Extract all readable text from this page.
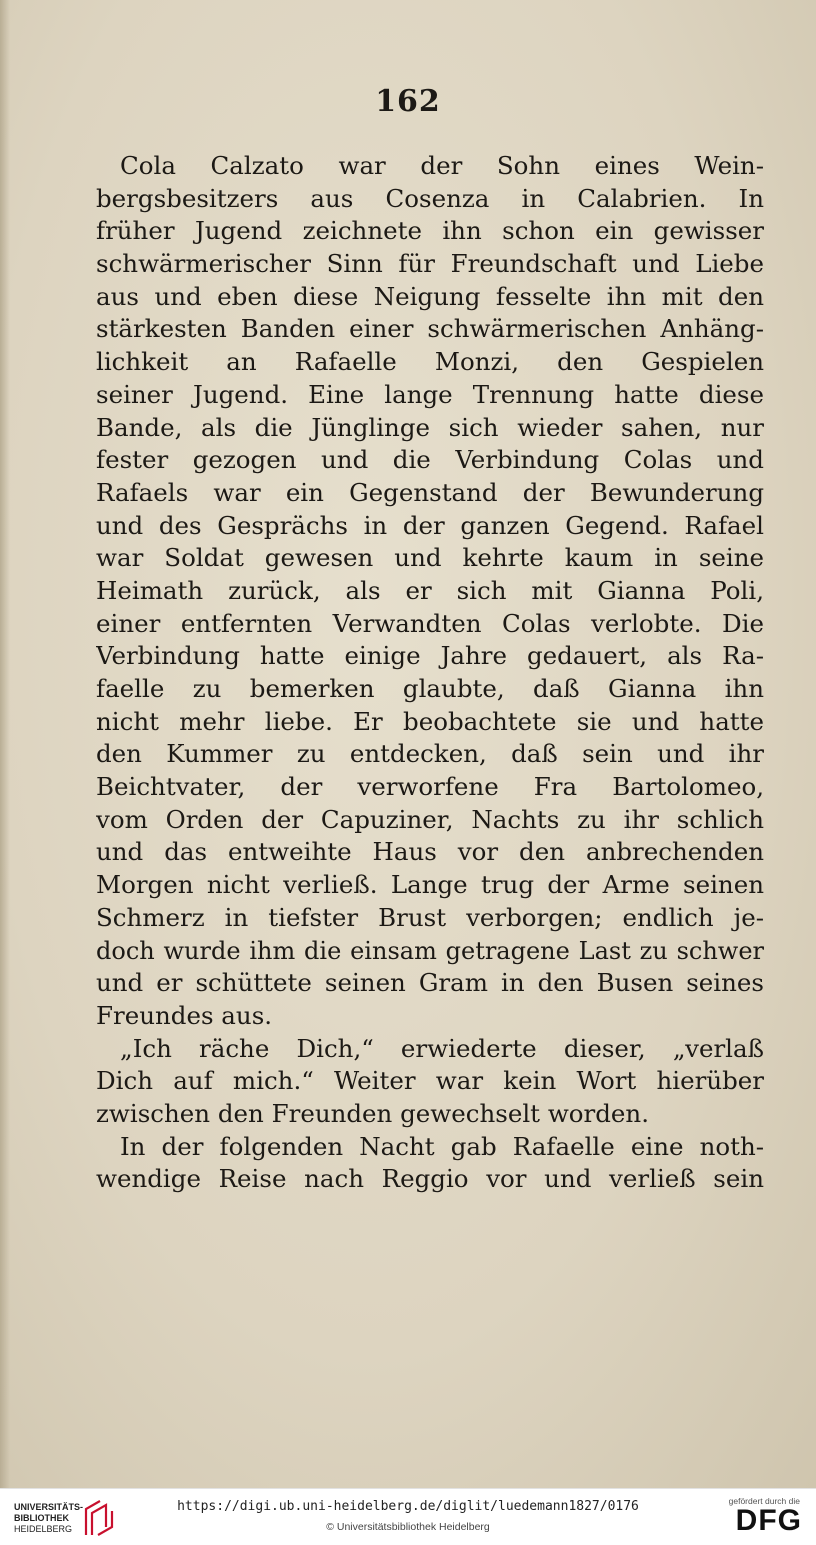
162
Cola Calzato war der Sohn eines Wein-
bergsbesitzers aus Cosenza in Calabrien. In
früher Jugend zeichnete ihn schon ein gewisser
schwärmerischer Sinn für Freundschaft und Liebe
aus und eben diese Neigung fesselte ihn mit den
stärkesten Banden einer schwärmerischen Anhäng-
lichkeit an Rafaelle Monzi, den Gespielen
seiner Jugend. Eine lange Trennung hatte diese
Bande, als die Jünglinge sich wieder sahen, nur
fester gezogen und die Verbindung Colas und
Rafaels war ein Gegenstand der Bewunderung
und des Gesprächs in der ganzen Gegend. Rafael
war Soldat gewesen und kehrte kaum in seine
Heimath zurück, als er sich mit Gianna Poli,
einer entfernten Verwandten Colas verlobte. Die
Verbindung hatte einige Jahre gedauert, als Ra-
faelle zu bemerken glaubte, daß Gianna ihn
nicht mehr liebe. Er beobachtete sie und hatte
den Kummer zu entdecken, daß sein und ihr
Beichtvater, der verworfene Fra Bartolomeo,
vom Orden der Capuziner, Nachts zu ihr schlich
und das entweihte Haus vor den anbrechenden
Morgen nicht verließ. Lange trug der Arme seinen
Schmerz in tiefster Brust verborgen; endlich je-
doch wurde ihm die einsam getragene Last zu schwer
und er schüttete seinen Gram in den Busen seines
Freundes aus.
„Ich räche Dich,“ erwiederte dieser, „verlaß
Dich auf mich.“ Weiter war kein Wort hierüber
zwischen den Freunden gewechselt worden.
In der folgenden Nacht gab Rafaelle eine noth-
wendige Reise nach Reggio vor und verließ sein
UNIVERSITÄTS-
BIBLIOTHEK
HEIDELBERG
https://digi.ub.uni-heidelberg.de/diglit/luedemann1827/0176
© Universitätsbibliothek Heidelberg
gefördert durch die
DFG
